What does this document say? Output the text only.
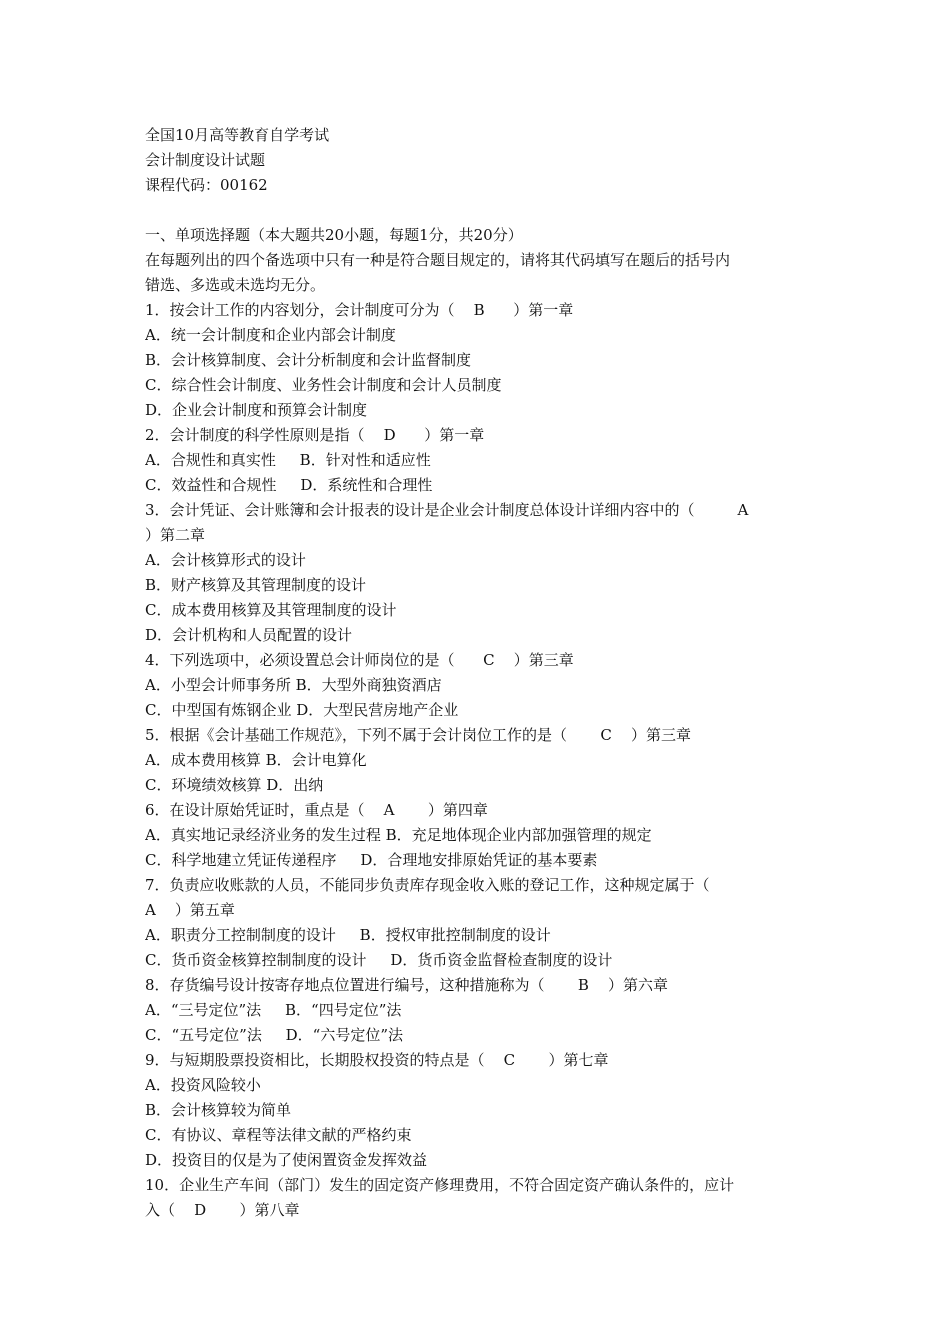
全国10月高等教育自学考试
会计制度设计试题
课程代码：00162
一、单项选择题（本大题共20小题，每题1分，共20分）
在每题列出的四个备选项中只有一种是符合题目规定的，请将其代码填写在题后的括号内
错选、多选或未选均无分。
1．按会计工作的内容划分，会计制度可分为（    B      ）第一章
A．统一会计制度和企业内部会计制度
B．会计核算制度、会计分析制度和会计监督制度
C．综合性会计制度、业务性会计制度和会计人员制度
D．企业会计制度和预算会计制度
2．会计制度的科学性原则是指（    D      ）第一章
A．合规性和真实性     B．针对性和适应性
C．效益性和合规性     D．系统性和合理性
3．会计凭证、会计账簿和会计报表的设计是企业会计制度总体设计详细内容中的（         A
）第二章
A．会计核算形式的设计
B．财产核算及其管理制度的设计
C．成本费用核算及其管理制度的设计
D．会计机构和人员配置的设计
4．下列选项中，必须设置总会计师岗位的是（      C    ）第三章
A．小型会计师事务所 B．大型外商独资酒店
C．中型国有炼钢企业 D．大型民营房地产企业
5．根据《会计基础工作规范》，下列不属于会计岗位工作的是（       C    ）第三章
A．成本费用核算 B．会计电算化
C．环境绩效核算 D．出纳
6．在设计原始凭证时，重点是（    A       ）第四章
A．真实地记录经济业务的发生过程 B．充足地体现企业内部加强管理的规定
C．科学地建立凭证传递程序     D．合理地安排原始凭证的基本要素
7．负责应收账款的人员，不能同步负责库存现金收入账的登记工作，这种规定属于（
A    ）第五章
A．职责分工控制制度的设计     B．授权审批控制制度的设计
C．货币资金核算控制制度的设计     D．货币资金监督检查制度的设计
8．存货编号设计按寄存地点位置进行编号，这种措施称为（       B    ）第六章
A．“三号定位”法     B．“四号定位”法
C．“五号定位”法     D．“六号定位”法
9．与短期股票投资相比，长期股权投资的特点是（    C       ）第七章
A．投资风险较小
B．会计核算较为简单
C．有协议、章程等法律文献的严格约束
D．投资目的仅是为了使闲置资金发挥效益
10．企业生产车间（部门）发生的固定资产修理费用，不符合固定资产确认条件的，应计
入（    D       ）第八章
